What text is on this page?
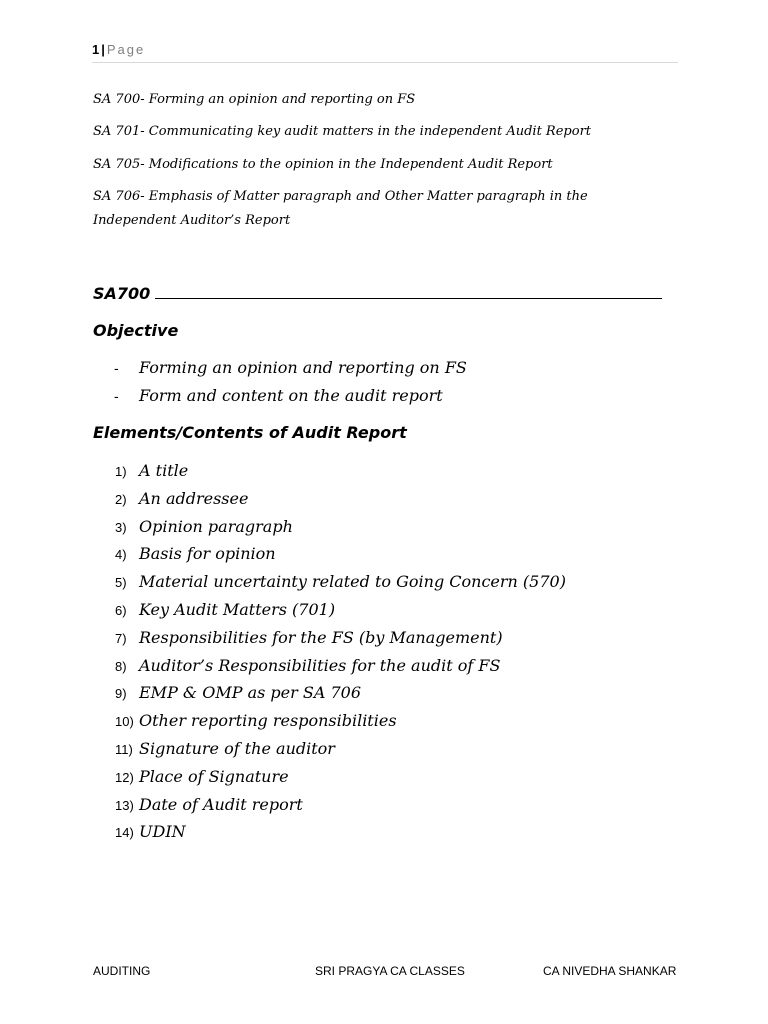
1 | Page
SA 700- Forming an opinion and reporting on FS
SA 701- Communicating key audit matters in the independent Audit Report
SA 705- Modifications to the opinion in the Independent Audit Report
SA 706- Emphasis of Matter paragraph and Other Matter paragraph in the Independent Auditor’s Report
SA700
Objective
- Forming an opinion and reporting on FS
- Form and content on the audit report
Elements/Contents of Audit Report
1) A title
2) An addressee
3) Opinion paragraph
4) Basis for opinion
5) Material uncertainty related to Going Concern (570)
6) Key Audit Matters (701)
7) Responsibilities for the FS (by Management)
8) Auditor’s Responsibilities for the audit of FS
9) EMP & OMP as per SA 706
10) Other reporting responsibilities
11) Signature of the auditor
12) Place of Signature
13) Date of Audit report
14) UDIN
AUDITING	SRI PRAGYA CA CLASSES	CA NIVEDHA SHANKAR
